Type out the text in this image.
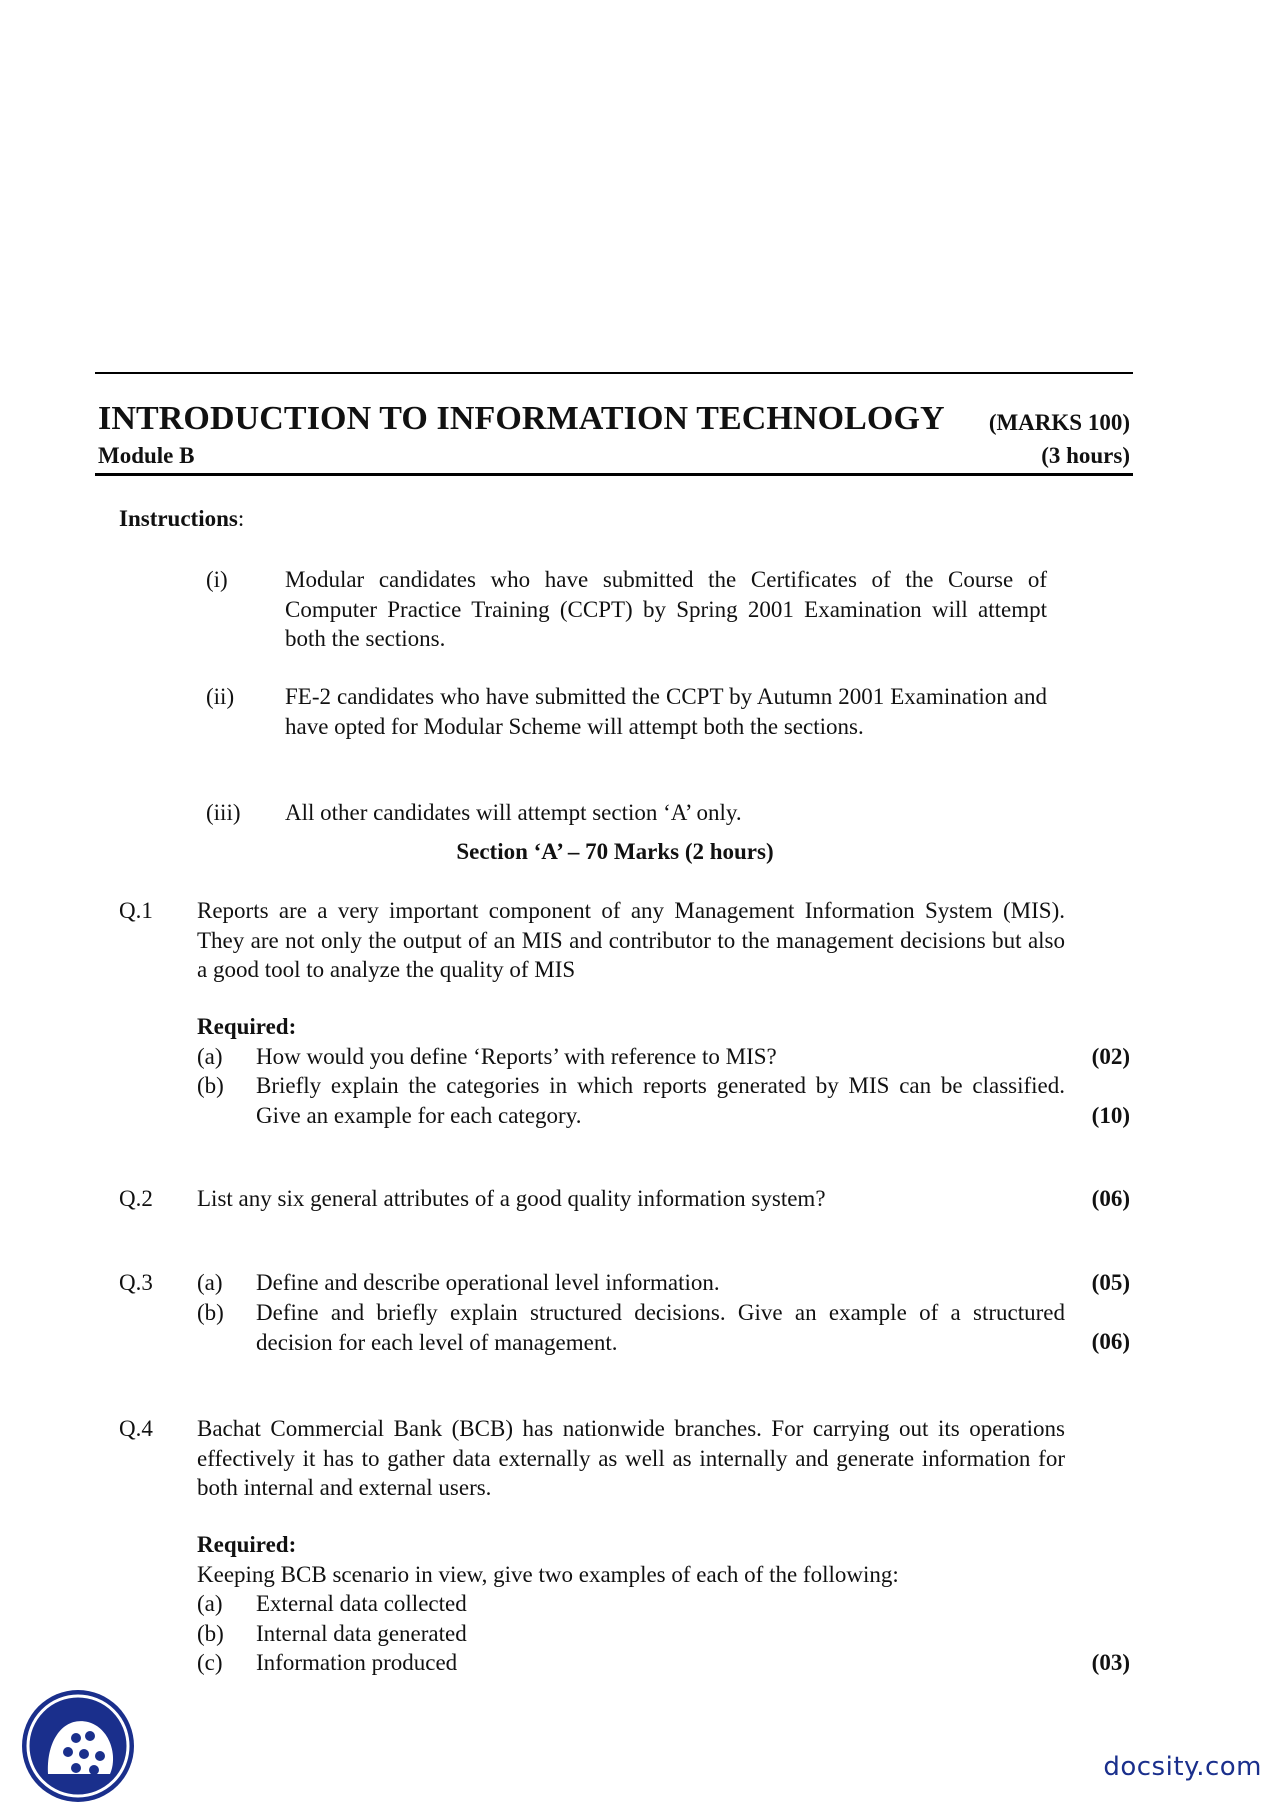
INTRODUCTION TO INFORMATION TECHNOLOGY (MARKS 100)
Module B	(3 hours)
Instructions:
(i) Modular candidates who have submitted the Certificates of the Course of Computer Practice Training (CCPT) by Spring 2001 Examination will attempt both the sections.
(ii) FE-2 candidates who have submitted the CCPT by Autumn 2001 Examination and have opted for Modular Scheme will attempt both the sections.
(iii) All other candidates will attempt section ‘A’ only.
Section ‘A’ – 70 Marks (2 hours)
Q.1 Reports are a very important component of any Management Information System (MIS). They are not only the output of an MIS and contributor to the management decisions but also a good tool to analyze the quality of MIS
Required:
(a) How would you define ‘Reports’ with reference to MIS?	(02)
(b) Briefly explain the categories in which reports generated by MIS can be classified. Give an example for each category.	(10)
Q.2 List any six general attributes of a good quality information system?	(06)
Q.3 (a) Define and describe operational level information.	(05)
(b) Define and briefly explain structured decisions. Give an example of a structured decision for each level of management.	(06)
Q.4 Bachat Commercial Bank (BCB) has nationwide branches. For carrying out its operations effectively it has to gather data externally as well as internally and generate information for both internal and external users.
Required:
Keeping BCB scenario in view, give two examples of each of the following:
(a) External data collected
(b) Internal data generated
(c) Information produced	(03)
docsity.com
